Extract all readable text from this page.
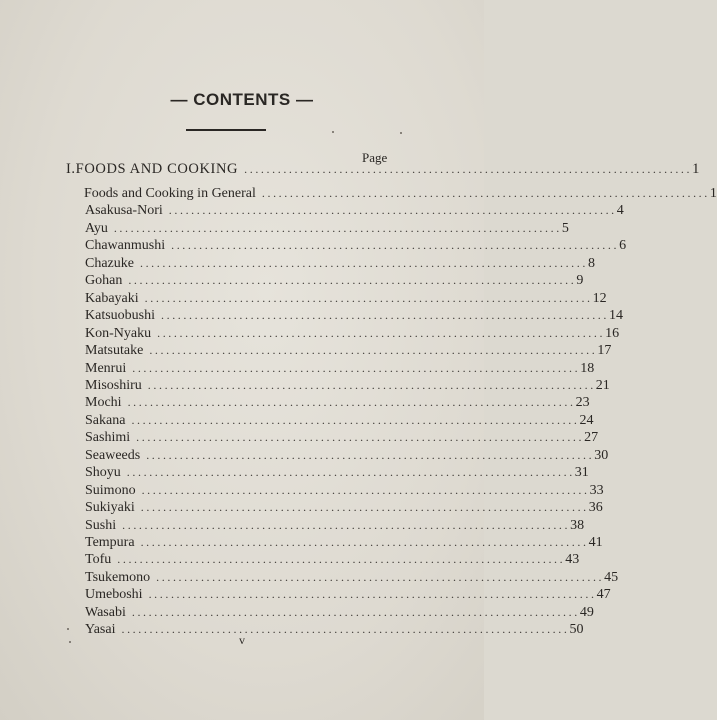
— CONTENTS —
Page
I. FOODS AND COOKING ................................................................................ 1
Foods and Cooking in General ................................................................................ 1
Asakusa-Nori ................................................................................ 4
Ayu ................................................................................ 5
Chawanmushi ................................................................................ 6
Chazuke ................................................................................ 8
Gohan ................................................................................ 9
Kabayaki ................................................................................ 12
Katsuobushi ................................................................................ 14
Kon-Nyaku ................................................................................ 16
Matsutake ................................................................................ 17
Menrui ................................................................................ 18
Misoshiru ................................................................................ 21
Mochi ................................................................................ 23
Sakana ................................................................................ 24
Sashimi ................................................................................ 27
Seaweeds ................................................................................ 30
Shoyu ................................................................................ 31
Suimono ................................................................................ 33
Sukiyaki ................................................................................ 36
Sushi ................................................................................ 38
Tempura ................................................................................ 41
Tofu ................................................................................ 43
Tsukemono ................................................................................ 45
Umeboshi ................................................................................ 47
Wasabi ................................................................................ 49
Yasai ................................................................................ 50
v
